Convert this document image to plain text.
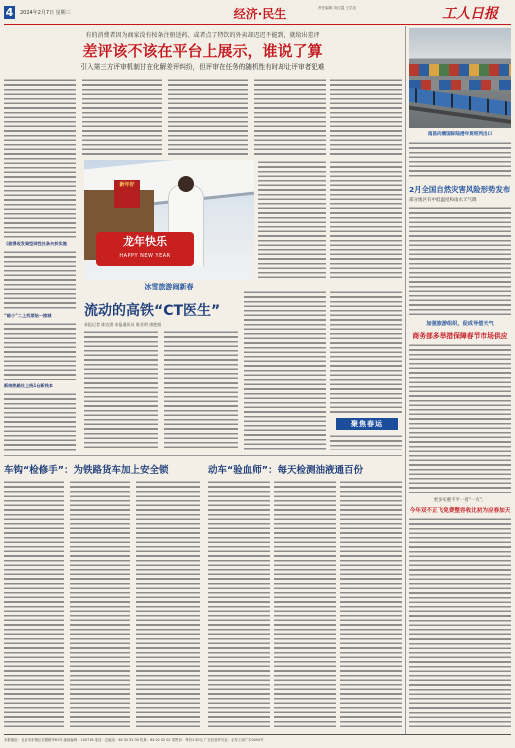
4	2024年2月7日 星期三	经济·民生	责任编辑 刘红霞 王学忠	工人日报
有的消费者因为商家没有按条注册送药、或者点了特饮的外卖却迟迟不能到，就给出差评
差评该不该在平台上展示，谁说了算
引入第三方评审机制甘在化解差评纠纷，但评审在任务的随机性有时却让评审者犯难
《就得收发骑型网性社条矢析实施
“暗小”二上找原始一掀城
新纳热路社上线1台新栈本
新年好
龙年快乐
HAPPY NEW YEAR
冰雪旅游闹新春
流动的高铁“CT医生”
本报记者 陈宣澍 本报通讯员 陈亚明 唐艳娟
聚焦春运
车钩“检修手”：为铁路货车加上安全锁	动车“验血师”：每天检测油液通百份
南昌向塘国际陆港年货班列出口
2月全国自然灾害风险形势发布
部分地区有中低温度和雨水天气降
加强旅游组织，促成导偿天气
商务部多举措保障春节市场供应
更多实惠不平一省“一方”，
今年双不正飞免费整容收比初为应春加天
本报地址：北京市东城区安德路甲61号 邮政编码：100718 电话：总编室：64 02 52 00 传真：64 02 52 02 零售价：每份1.50元 广告经营许可证：京东工商广字0054号
